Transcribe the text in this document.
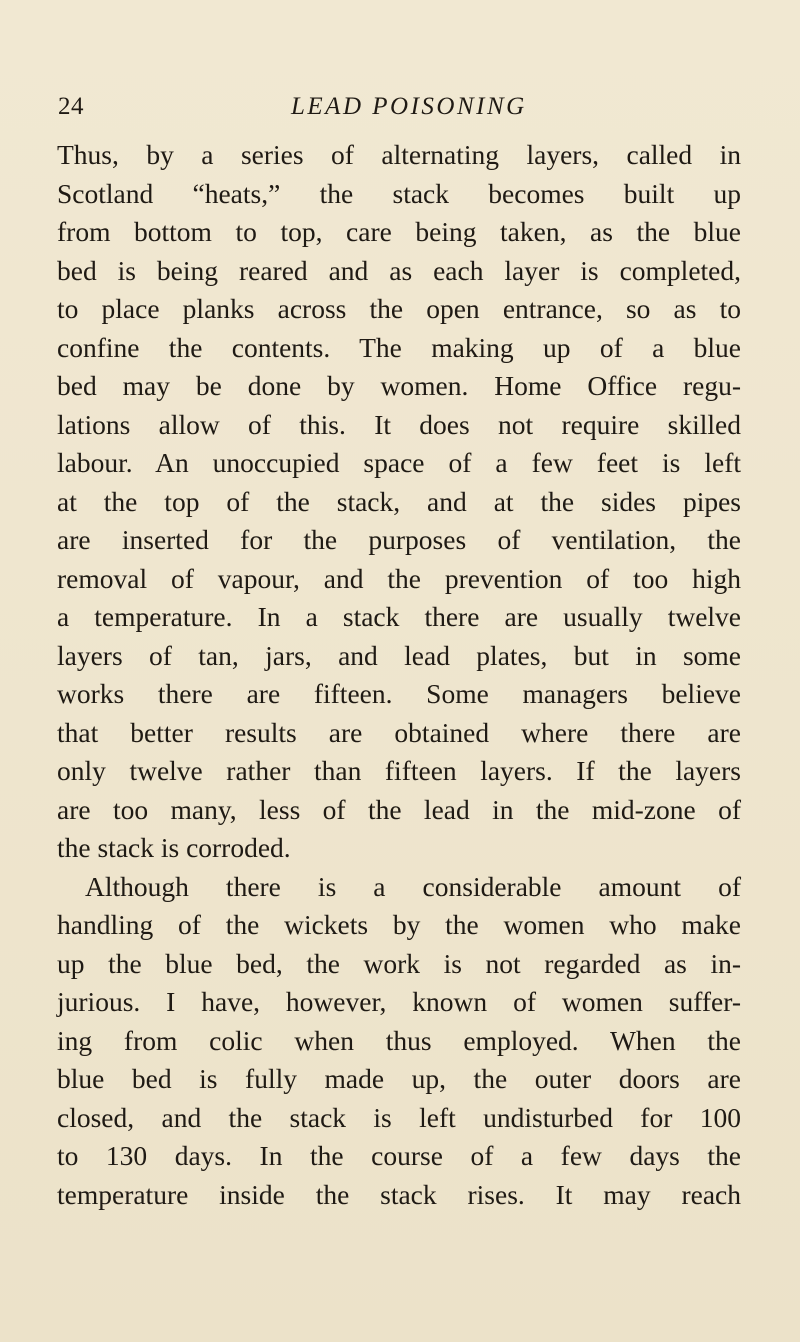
24	LEAD POISONING
Thus, by a series of alternating layers, called in
Scotland “heats,” the stack becomes built up
from bottom to top, care being taken, as the blue
bed is being reared and as each layer is completed,
to place planks across the open entrance, so as to
confine the contents. The making up of a blue
bed may be done by women. Home Office regu-
lations allow of this. It does not require skilled
labour. An unoccupied space of a few feet is left
at the top of the stack, and at the sides pipes
are inserted for the purposes of ventilation, the
removal of vapour, and the prevention of too high
a temperature. In a stack there are usually twelve
layers of tan, jars, and lead plates, but in some
works there are fifteen. Some managers believe
that better results are obtained where there are
only twelve rather than fifteen layers. If the layers
are too many, less of the lead in the mid-zone of
the stack is corroded.
Although there is a considerable amount of
handling of the wickets by the women who make
up the blue bed, the work is not regarded as in-
jurious. I have, however, known of women suffer-
ing from colic when thus employed. When the
blue bed is fully made up, the outer doors are
closed, and the stack is left undisturbed for 100
to 130 days. In the course of a few days the
temperature inside the stack rises. It may reach
